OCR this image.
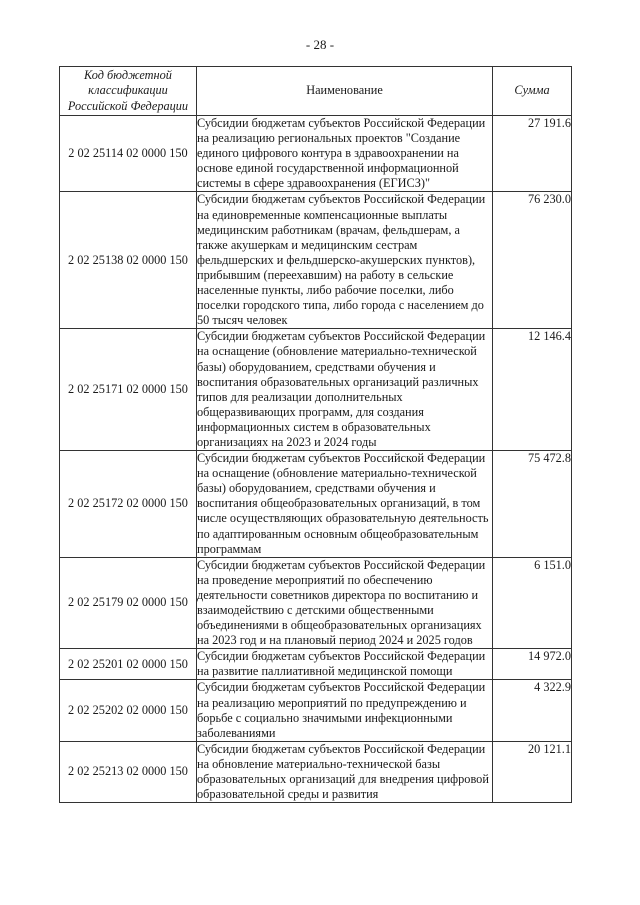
- 28 -
Код бюджетной классификации Российской Федерации	Наименование	Сумма
2 02 25114 02 0000 150	Субсидии бюджетам субъектов Российской Федерации на реализацию региональных проектов "Создание единого цифрового контура в здравоохранении на основе единой государственной информационной системы в сфере здравоохранения (ЕГИСЗ)"	27 191.6
2 02 25138 02 0000 150	Субсидии бюджетам субъектов Российской Федерации на единовременные компенсационные выплаты медицинским работникам (врачам, фельдшерам, а также акушеркам и медицинским сестрам фельдшерских и фельдшерско-акушерских пунктов), прибывшим (переехавшим) на работу в сельские населенные пункты, либо рабочие поселки, либо поселки городского типа, либо города с населением до 50 тысяч человек	76 230.0
2 02 25171 02 0000 150	Субсидии бюджетам субъектов Российской Федерации на оснащение (обновление материально-технической базы) оборудованием, средствами обучения и воспитания образовательных организаций различных типов для реализации дополнительных общеразвивающих программ, для создания информационных систем в образовательных организациях на 2023 и 2024 годы	12 146.4
2 02 25172 02 0000 150	Субсидии бюджетам субъектов Российской Федерации на оснащение (обновление материально-технической базы) оборудованием, средствами обучения и воспитания общеобразовательных организаций, в том числе осуществляющих образовательную деятельность по адаптированным основным общеобразовательным программам	75 472.8
2 02 25179 02 0000 150	Субсидии бюджетам субъектов Российской Федерации на проведение мероприятий по обеспечению деятельности советников директора по воспитанию и взаимодействию с детскими общественными объединениями в общеобразовательных организациях на 2023 год и на плановый период 2024 и 2025 годов	6 151.0
2 02 25201 02 0000 150	Субсидии бюджетам субъектов Российской Федерации на развитие паллиативной медицинской помощи	14 972.0
2 02 25202 02 0000 150	Субсидии бюджетам субъектов Российской Федерации на реализацию мероприятий по предупреждению и борьбе с социально значимыми инфекционными заболеваниями	4 322.9
2 02 25213 02 0000 150	Субсидии бюджетам субъектов Российской Федерации на обновление материально-технической базы образовательных организаций для внедрения цифровой образовательной среды и развития	20 121.1
